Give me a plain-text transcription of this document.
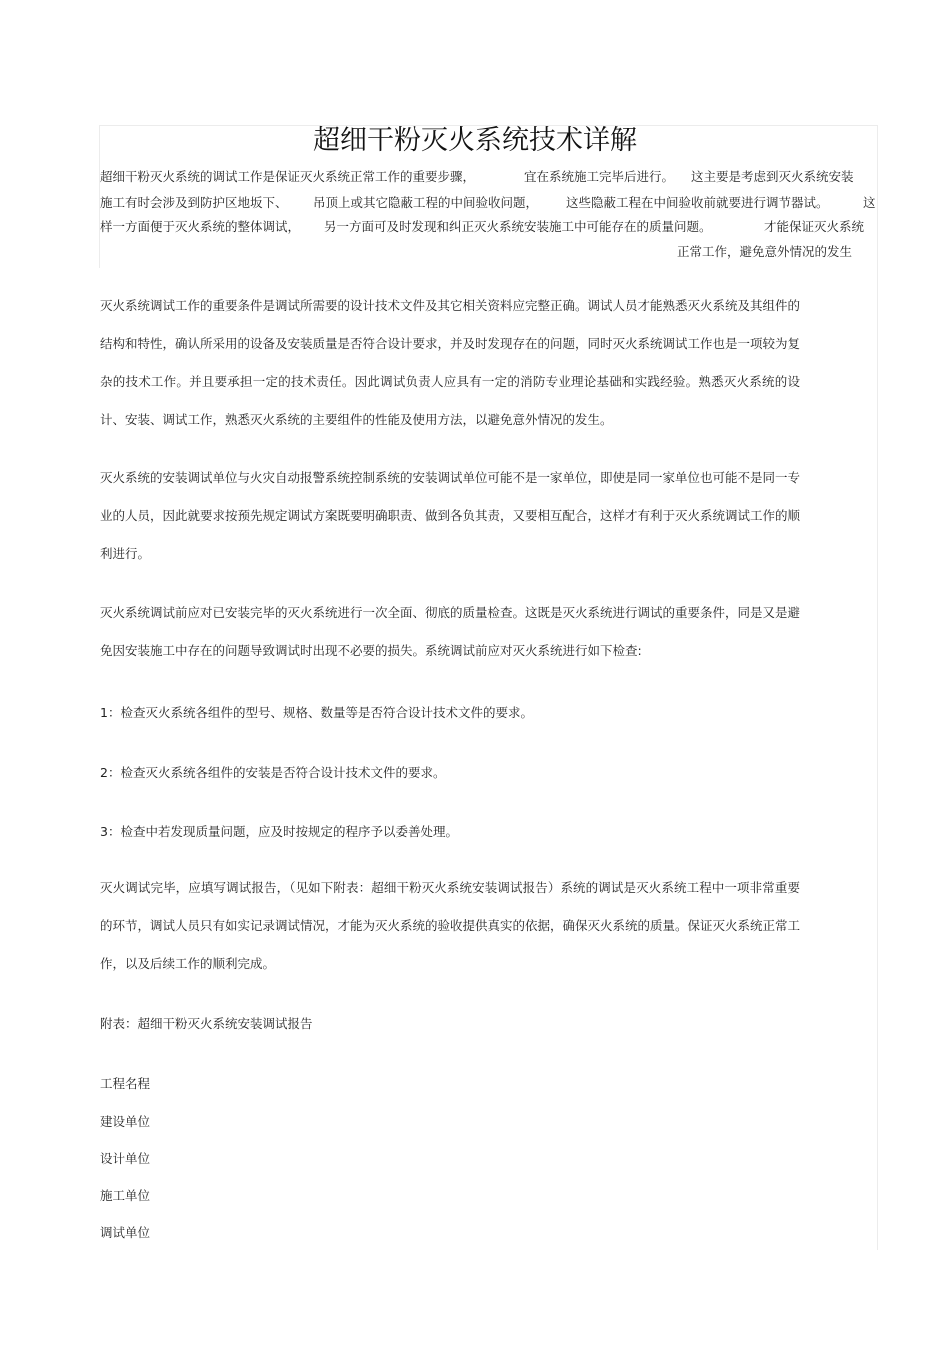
超细干粉灭火系统技术详解
超细干粉灭火系统的调试工作是保证灭火系统正常工作的重要步骤，	宜在系统施工完毕后进行。 这主要是考虑到灭火系统安装
施工有时会涉及到防护区地坂下、 吊顶上或其它隐蔽工程的中间验收问题， 这些隐蔽工程在中间验收前就要进行调节器试。	这
样一方面便于灭火系统的整体调试， 另一方面可及时发现和纠正灭火系统安装施工中可能存在的质量问题。	才能保证灭火系统
正常工作，避免意外情况的发生

灭火系统调试工作的重要条件是调试所需要的设计技术文件及其它相关资料应完整正确。调试人员才能熟悉灭火系统及其组件的结构和特性，确认所采用的设备及安装质量是否符合设计要求，并及时发现存在的问题，同时灭火系统调试工作也是一项较为复杂的技术工作。并且要承担一定的技术责任。因此调试负责人应具有一定的消防专业理论基础和实践经验。熟悉灭火系统的设计、安装、调试工作，熟悉灭火系统的主要组件的性能及使用方法，以避免意外情况的发生。

灭火系统的安装调试单位与火灾自动报警系统控制系统的安装调试单位可能不是一家单位，即使是同一家单位也可能不是同一专业的人员，因此就要求按预先规定调试方案既要明确职责、做到各负其责，又要相互配合，这样才有利于灭火系统调试工作的顺利进行。

灭火系统调试前应对已安装完毕的灭火系统进行一次全面、彻底的质量检查。这既是灭火系统进行调试的重要条件，同是又是避免因安装施工中存在的问题导致调试时出现不必要的损失。系统调试前应对灭火系统进行如下检查:

1：检查灭火系统各组件的型号、规格、数量等是否符合设计技术文件的要求。
2：检查灭火系统各组件的安装是否符合设计技术文件的要求。
3：检查中若发现质量问题，应及时按规定的程序予以委善处理。

灭火调试完毕，应填写调试报告，（见如下附表：超细干粉灭火系统安装调试报告）系统的调试是灭火系统工程中一项非常重要的环节，调试人员只有如实记录调试情况，才能为灭火系统的验收提供真实的依据，确保灭火系统的质量。保证灭火系统正常工作，以及后续工作的顺利完成。

附表：超细干粉灭火系统安装调试报告
工程名程
建设单位
设计单位
施工单位
调试单位
